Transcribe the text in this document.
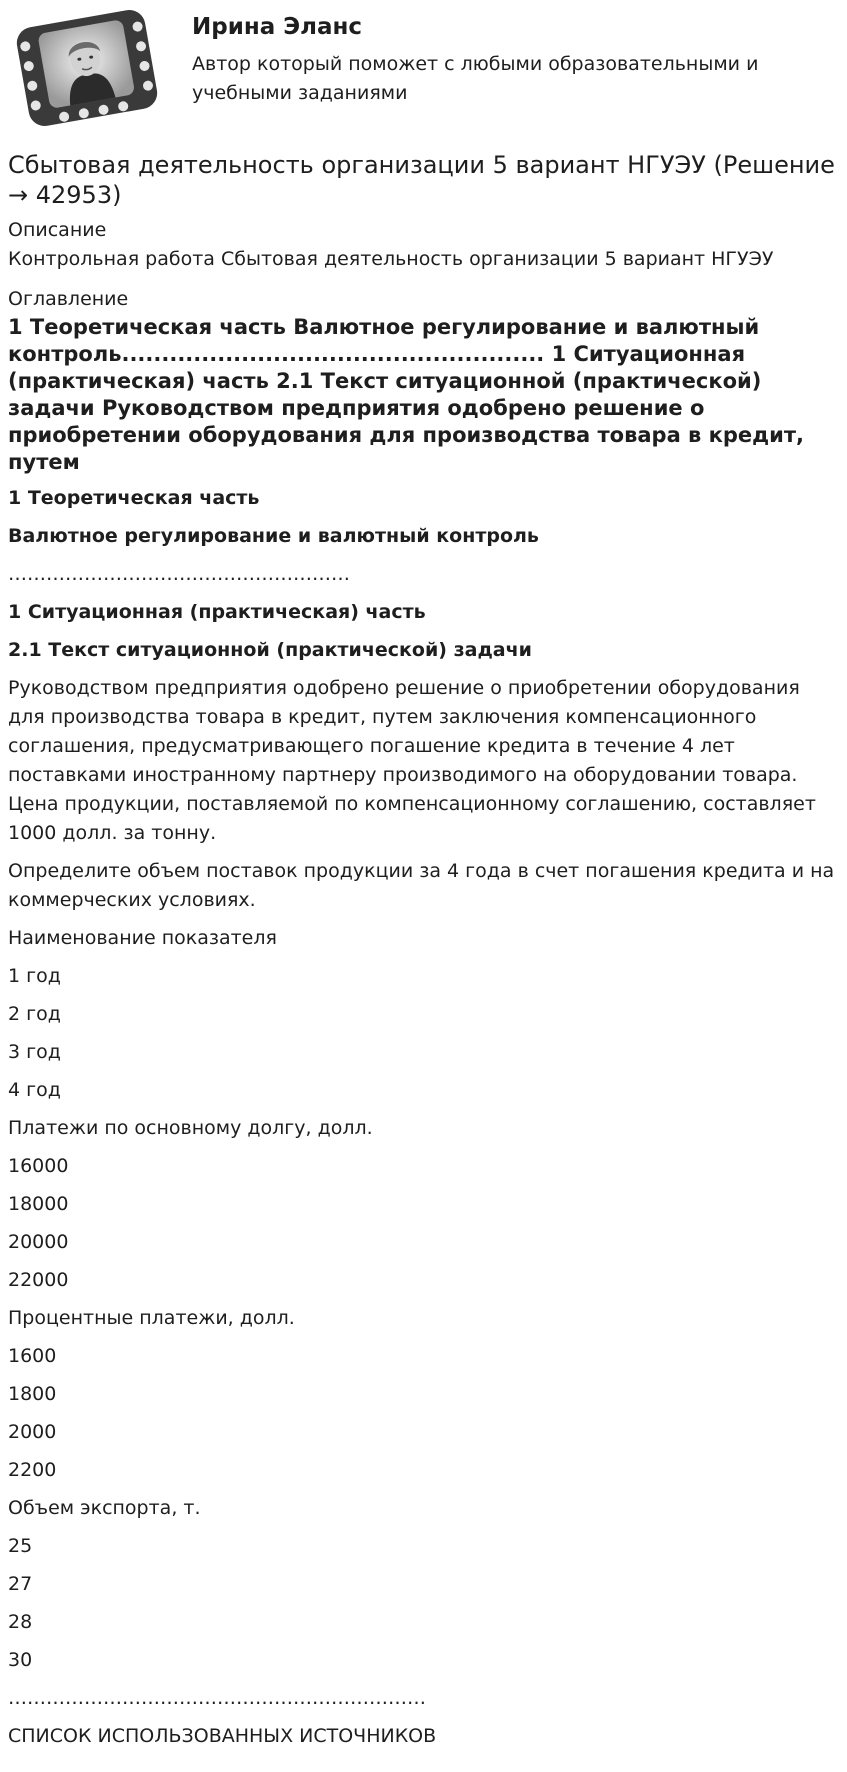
Ирина Эланс

Автор который поможет с любыми образовательными и учебными заданиями

Сбытовая деятельность организации 5 вариант НГУЭУ (Решение → 42953)

Описание

Контрольная работа Сбытовая деятельность организации 5 вариант НГУЭУ

Оглавление

1 Теоретическая часть Валютное регулирование и валютный контроль..................................................... 1 Ситуационная (практическая) часть 2.1 Текст ситуационной (практической) задачи Руководством предприятия одобрено решение о приобретении оборудования для производства товара в кредит, путем

1 Теоретическая часть

Валютное регулирование и валютный контроль

………………………………………………

1 Ситуационная (практическая) часть

2.1 Текст ситуационной (практической) задачи

Руководством предприятия одобрено решение о приобретении оборудования для производства товара в кредит, путем заключения компенсационного соглашения, предусматривающего погашение кредита в течение 4 лет поставками иностранному партнеру производимого на оборудовании товара. Цена продукции, поставляемой по компенсационному соглашению, составляет 1000 долл. за тонну.

Определите объем поставок продукции за 4 года в счет погашения кредита и на коммерческих условиях.

Наименование показателя

1 год

2 год

3 год

4 год

Платежи по основному долгу, долл.

16000

18000

20000

22000

Процентные платежи, долл.

1600

1800

2000

2200

Объем экспорта, т.

25

27

28

30

…………………………………………………………

СПИСОК ИСПОЛЬЗОВАННЫХ ИСТОЧНИКОВ
